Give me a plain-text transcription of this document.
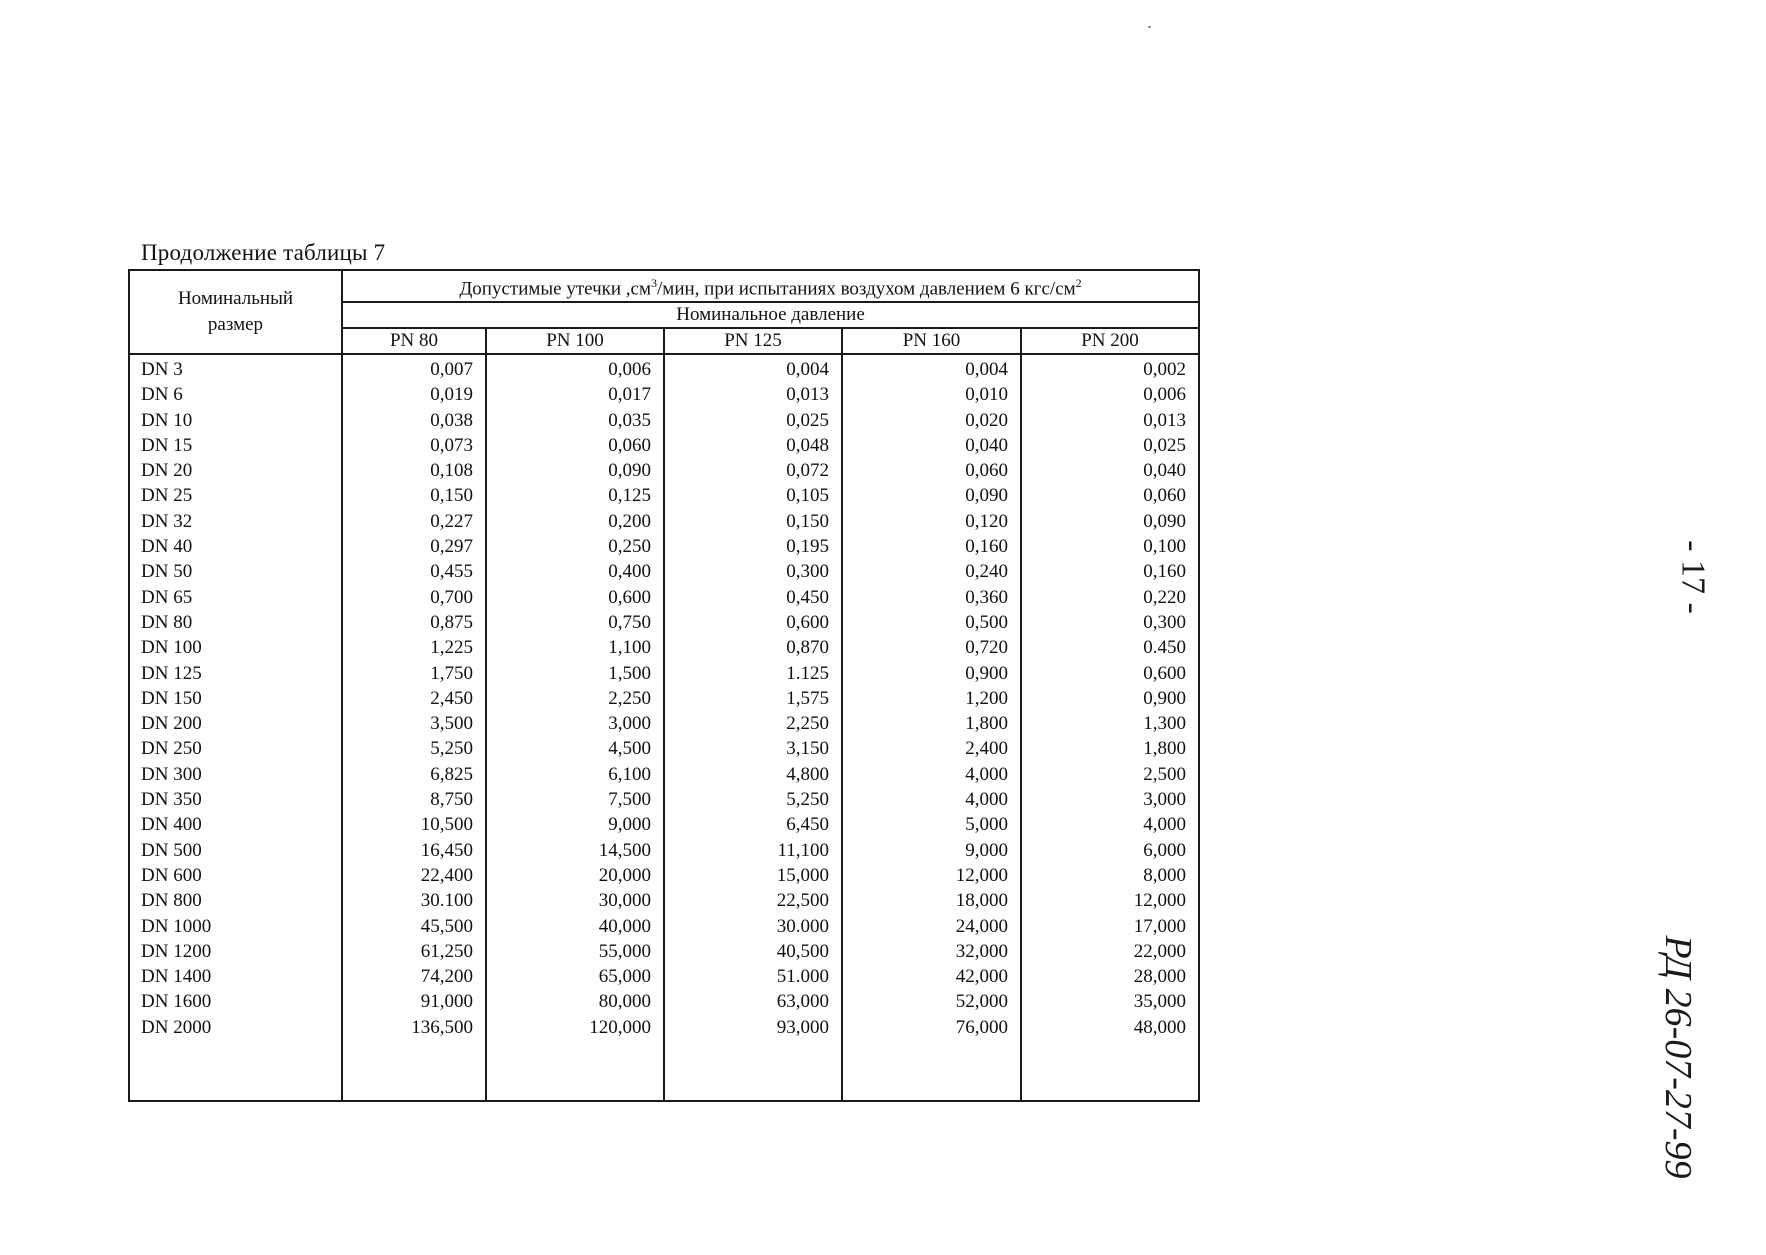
Продолжение таблицы 7
Номинальный
размер	Допустимые утечки $,см^3$/мин, при испытаниях воздухом давлением 6 кгс/$см^2$
	Номинальное давление				
	PN 80	PN 100	PN 125	PN 160	PN 200
DN 3	0,007	0,006	0,004	0,004	0,002
DN 6	0,019	0,017	0,013	0,010	0,006
DN 10	0,038	0,035	0,025	0,020	0,013
DN 15	0,073	0,060	0,048	0,040	0,025
DN 20	0,108	0,090	0,072	0,060	0,040
DN 25	0,150	0,125	0,105	0,090	0,060
DN 32	0,227	0,200	0,150	0,120	0,090
DN 40	0,297	0,250	0,195	0,160	0,100
DN 50	0,455	0,400	0,300	0,240	0,160
DN 65	0,700	0,600	0,450	0,360	0,220
DN 80	0,875	0,750	0,600	0,500	0,300
DN 100	1,225	1,100	0,870	0,720	0.450
DN 125	1,750	1,500	1.125	0,900	0,600
DN 150	2,450	2,250	1,575	1,200	0,900
DN 200	3,500	3,000	2,250	1,800	1,300
DN 250	5,250	4,500	3,150	2,400	1,800
DN 300	6,825	6,100	4,800	4,000	2,500
DN 350	8,750	7,500	5,250	4,000	3,000
DN 400	10,500	9,000	6,450	5,000	4,000
DN 500	16,450	14,500	11,100	9,000	6,000
DN 600	22,400	20,000	15,000	12,000	8,000
DN 800	30.100	30,000	22,500	18,000	12,000
DN 1000	45,500	40,000	30.000	24,000	17,000
DN 1200	61,250	55,000	40,500	32,000	22,000
DN 1400	74,200	65,000	51.000	42,000	28,000
DN 1600	91,000	80,000	63,000	52,000	35,000
DN 2000	136,500	120,000	93,000	76,000	48,000

- 17 -
РД 26-07-27-99
